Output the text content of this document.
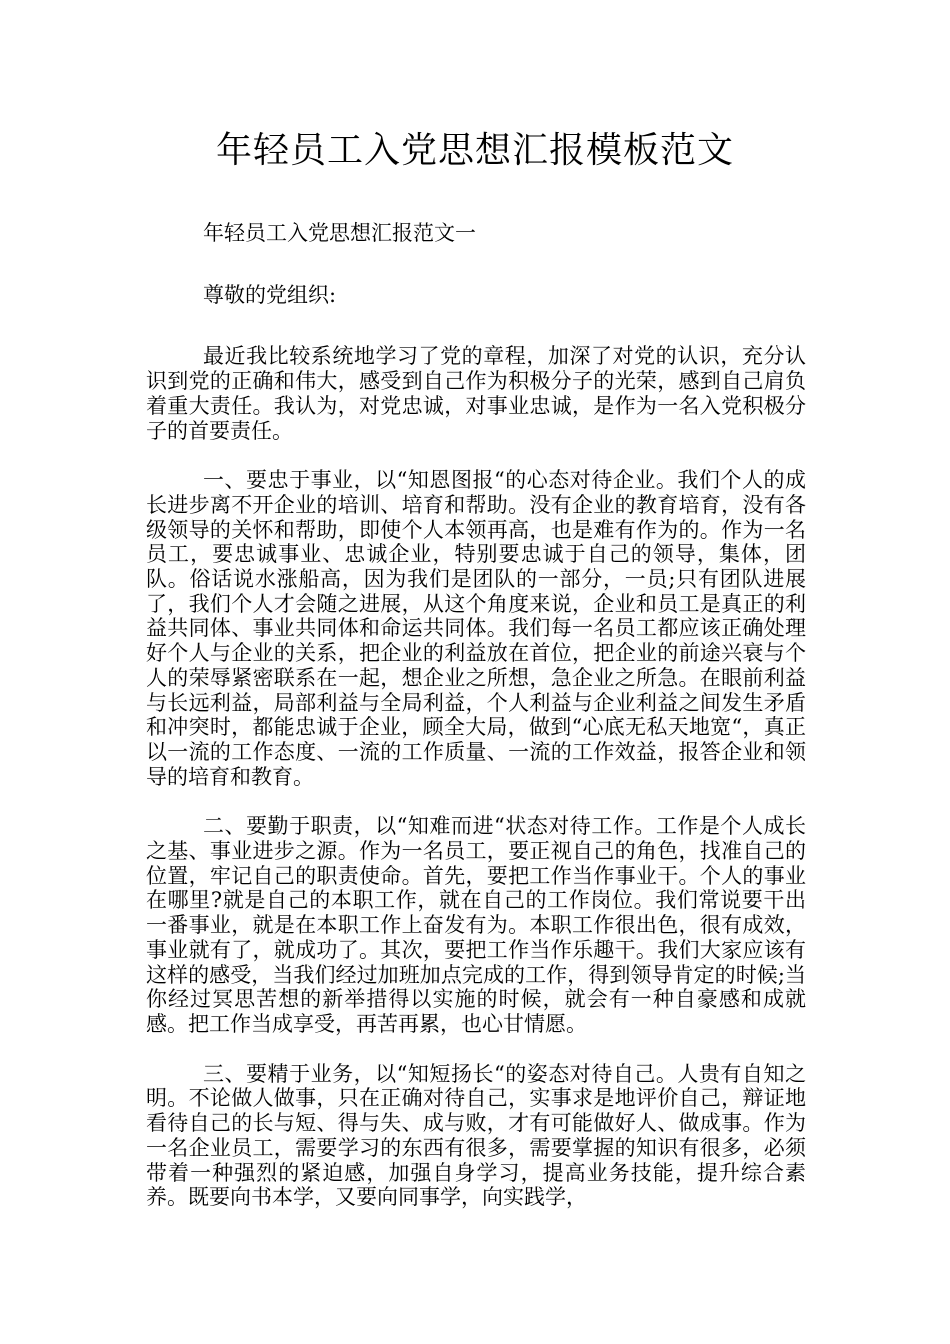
年轻员工入党思想汇报模板范文

年轻员工入党思想汇报范文一

尊敬的党组织:

最近我比较系统地学习了党的章程，加深了对党的认识，充分认识到党的正确和伟大，感受到自己作为积极分子的光荣，感到自己肩负着重大责任。我认为，对党忠诚，对事业忠诚，是作为一名入党积极分子的首要责任。

一、要忠于事业，以“知恩图报“的心态对待企业。我们个人的成长进步离不开企业的培训、培育和帮助。没有企业的教育培育，没有各级领导的关怀和帮助，即使个人本领再高，也是难有作为的。作为一名员工，要忠诚事业、忠诚企业，特别要忠诚于自己的领导，集体，团队。俗话说水涨船高，因为我们是团队的一部分，一员;只有团队进展了，我们个人才会随之进展，从这个角度来说，企业和员工是真正的利益共同体、事业共同体和命运共同体。我们每一名员工都应该正确处理好个人与企业的关系，把企业的利益放在首位，把企业的前途兴衰与个人的荣辱紧密联系在一起，想企业之所想，急企业之所急。在眼前利益与长远利益，局部利益与全局利益，个人利益与企业利益之间发生矛盾和冲突时，都能忠诚于企业，顾全大局，做到“心底无私天地宽“，真正以一流的工作态度、一流的工作质量、一流的工作效益，报答企业和领导的培育和教育。

二、要勤于职责，以“知难而进“状态对待工作。工作是个人成长之基、事业进步之源。作为一名员工，要正视自己的角色，找准自己的位置，牢记自己的职责使命。首先，要把工作当作事业干。个人的事业在哪里?就是自己的本职工作，就在自己的工作岗位。我们常说要干出一番事业，就是在本职工作上奋发有为。本职工作很出色，很有成效，事业就有了，就成功了。其次，要把工作当作乐趣干。我们大家应该有这样的感受，当我们经过加班加点完成的工作，得到领导肯定的时候;当你经过冥思苦想的新举措得以实施的时候，就会有一种自豪感和成就感。把工作当成享受，再苦再累，也心甘情愿。

三、要精于业务，以“知短扬长“的姿态对待自己。人贵有自知之明。不论做人做事，只在正确对待自己，实事求是地评价自己，辩证地看待自己的长与短、得与失、成与败，才有可能做好人、做成事。作为一名企业员工，需要学习的东西有很多，需要掌握的知识有很多，必须带着一种强烈的紧迫感，加强自身学习，提高业务技能，提升综合素养。既要向书本学，又要向同事学，向实践学，
